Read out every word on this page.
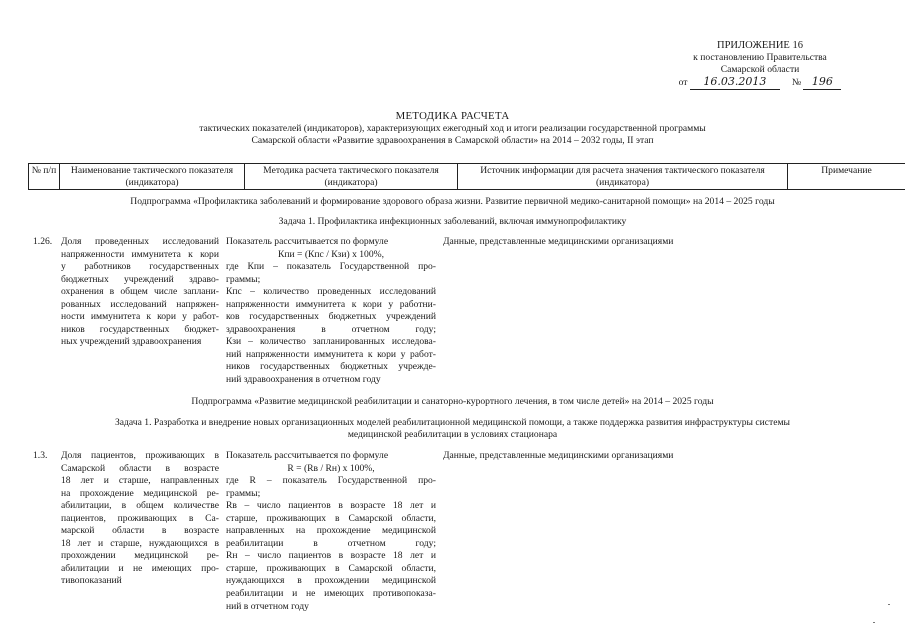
ПРИЛОЖЕНИЕ 16
к постановлению Правительства
Самарской области
от 16.03.2013	№ 196
МЕТОДИКА РАСЧЕТА
тактических показателей (индикаторов), характеризующих ежегодный ход и итоги реализации государственной программы
Самарской области «Развитие здравоохранения в Самарской области» на 2014 – 2032 годы, II этап
№ п/п	Наименование тактического показателя (индикатора)
Методика расчета тактического показателя (индикатора)
Источник информации для расчета значения тактического показателя (индикатора)
Примечание
Подпрограмма «Профилактика заболеваний и формирование здорового образа жизни. Развитие первичной медико-санитарной помощи» на 2014 – 2025 годы
Задача 1. Профилактика инфекционных заболеваний, включая иммунопрофилактику
1.26. Доля проведенных исследований
напряженности иммунитета к кори
у работников государственных
бюджетных учреждений здраво-
охранения в общем числе заплани-
рованных исследований напряжен-
ности иммунитета к кори у работ-
ников государственных бюджет-
ных учреждений здравоохранения

Показатель рассчитывается по формуле

Кпи = (Кпс / Кзи) х 100%,

где Кпи – показатель Государственной про-
граммы;
Кпс – количество проведенных исследований
напряженности иммунитета к кори у работни-
ков государственных бюджетных учреждений
здравоохранения в отчетном году;
Кзи – количество запланированных исследова-
ний напряженности иммунитета к кори у работ-
ников государственных бюджетных учрежде-
ний здравоохранения в отчетном году
Данные, представленные медицинскими организациями
Подпрограмма «Развитие медицинской реабилитации и санаторно-курортного лечения, в том числе детей» на 2014 – 2025 годы
Задача 1. Разработка и внедрение новых организационных моделей реабилитационной медицинской помощи, а также поддержка развития инфраструктуры системы
медицинской реабилитации в условиях стационара
1.3. Доля пациентов, проживающих в
Самарской области в возрасте
18 лет и старше, направленных
на прохождение медицинской ре-
абилитации, в общем количестве
пациентов, проживающих в Са-
марской области в возрасте
18 лет и старше, нуждающихся в
прохождении медицинской ре-
абилитации и не имеющих про-
тивопоказаний

Показатель рассчитывается по формуле

R = (Rв / Rн) х 100%,

где R – показатель Государственной про-
граммы;
Rв – число пациентов в возрасте 18 лет и
старше, проживающих в Самарской области,
направленных на прохождение медицинской
реабилитации в отчетном году;
Rн – число пациентов в возрасте 18 лет и
старше, проживающих в Самарской области,
нуждающихся в прохождении медицинской
реабилитации и не имеющих противопоказа-
ний в отчетном году
Данные, представленные медицинскими организациями
